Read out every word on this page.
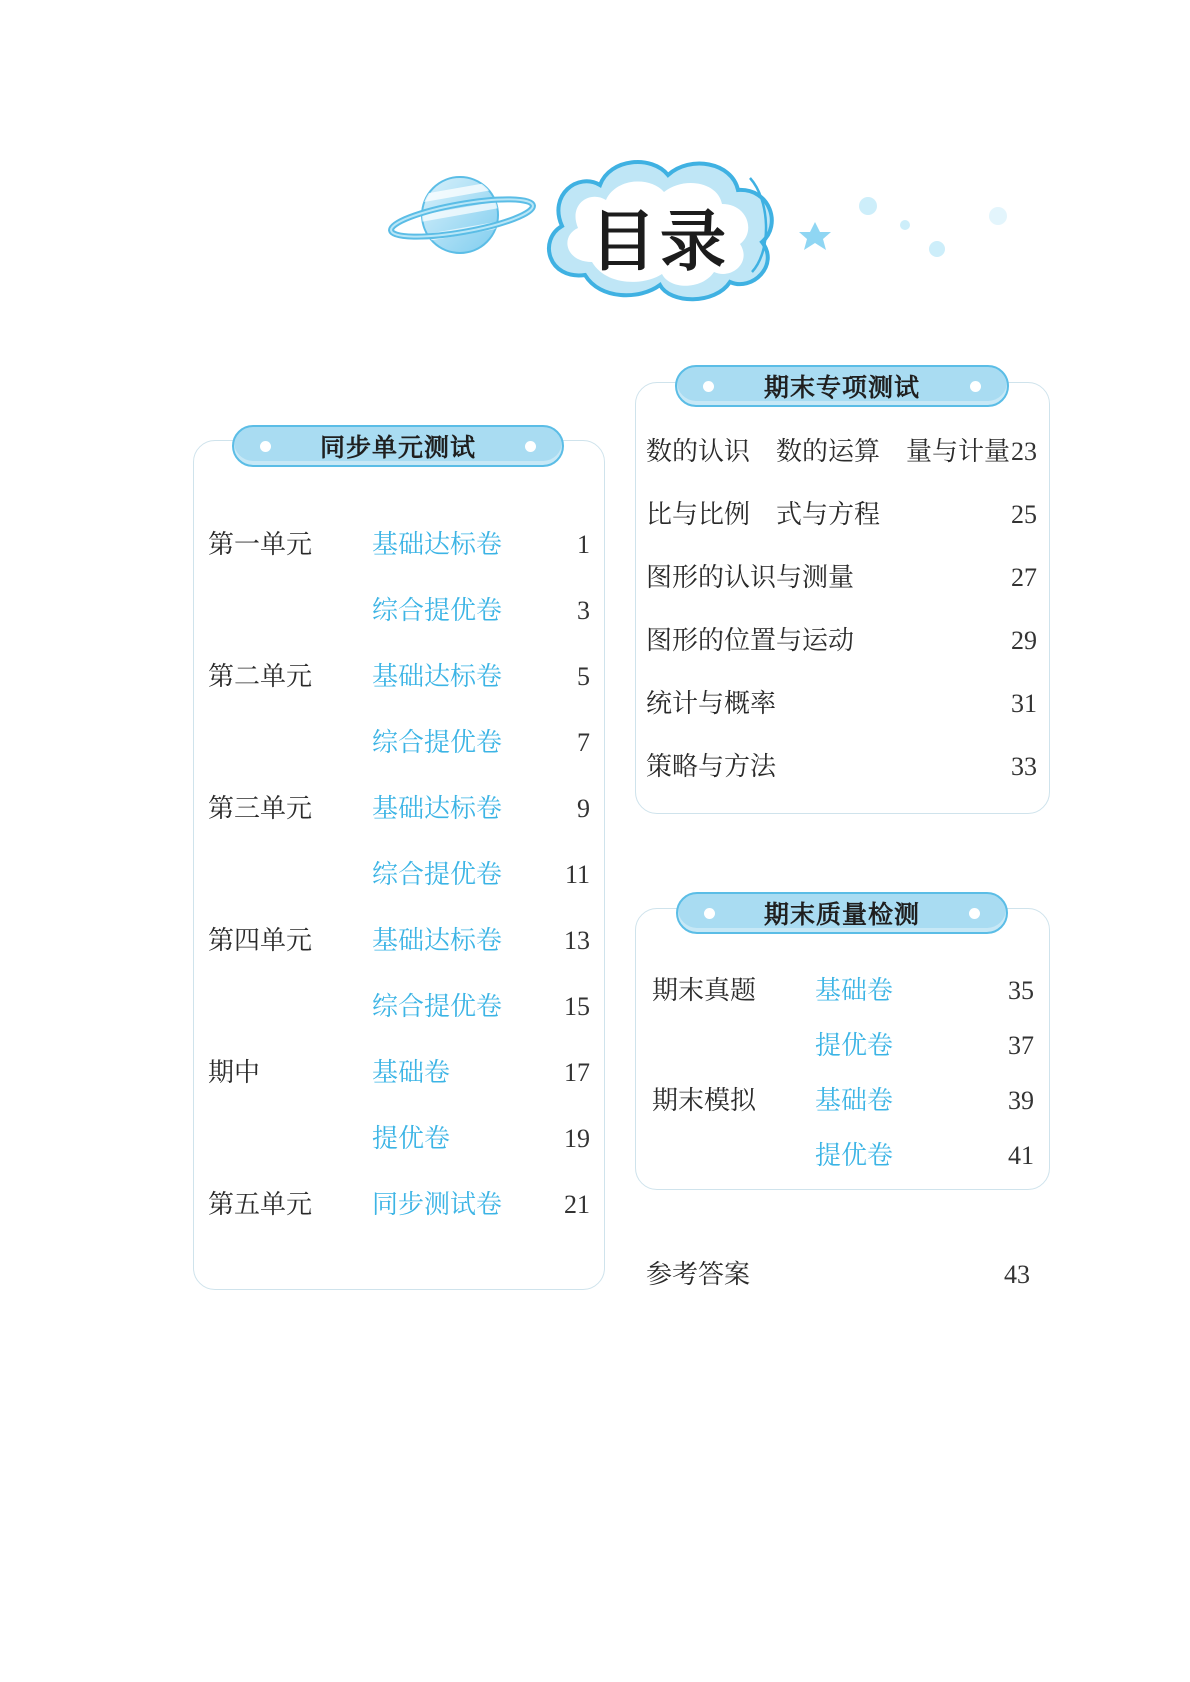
目录
同步单元测试
第一单元 基础达标卷	1
综合提优卷	3
第二单元 基础达标卷	5
综合提优卷	7
第三单元 基础达标卷	9
综合提优卷	11
第四单元 基础达标卷	13
综合提优卷	15
期中	基础卷	17
提优卷	19
第五单元 同步测试卷	21
期末专项测试
数的认识　数的运算　量与计量 23
比与比例　式与方程	25
图形的认识与测量	27
图形的位置与运动	29
统计与概率	31
策略与方法	33
期末质量检测
期末真题 基础卷	35
提优卷	37
期末模拟 基础卷	39
提优卷	41
参考答案	43
